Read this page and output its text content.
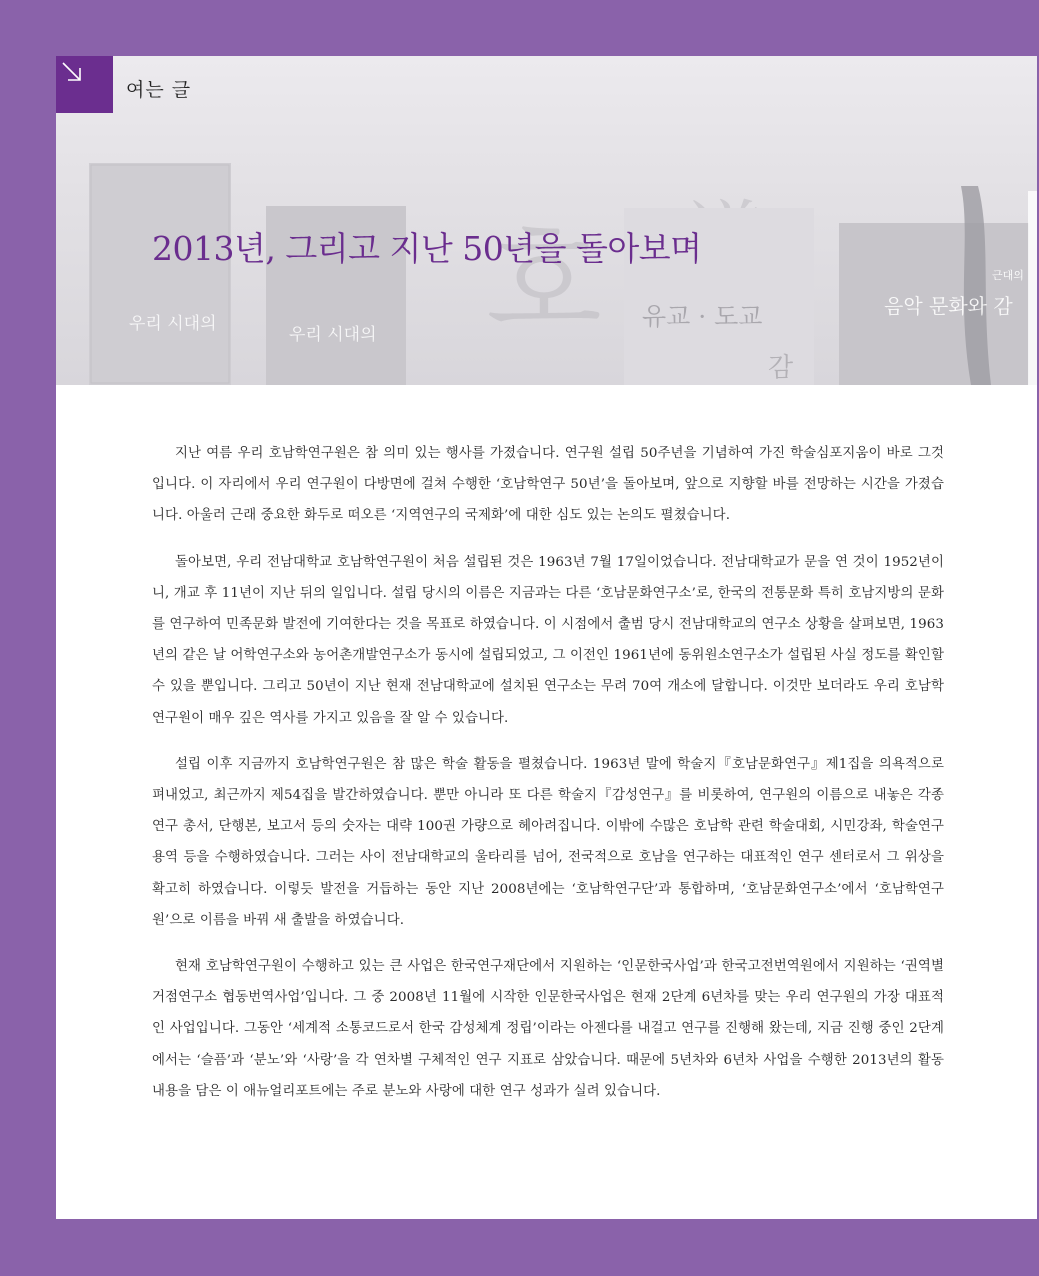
호
우리 시대의
우리 시대의
유교 · 도교
감
근대의
음악 문화와 감
여는 글
2013년, 그리고 지난 50년을 돌아보며

지난 여름 우리 호남학연구원은 참 의미 있는 행사를 가졌습니다. 연구원 설립 50주년을 기념하여 가진 학술심포지움이 바로 그것입니다. 이 자리에서 우리 연구원이 다방면에 걸쳐 수행한 ‘호남학연구 50년’을 돌아보며, 앞으로 지향할 바를 전망하는 시간을 가졌습니다. 아울러 근래 중요한 화두로 떠오른 ‘지역연구의 국제화’에 대한 심도 있는 논의도 펼쳤습니다.

돌아보면, 우리 전남대학교 호남학연구원이 처음 설립된 것은 1963년 7월 17일이었습니다. 전남대학교가 문을 연 것이 1952년이니, 개교 후 11년이 지난 뒤의 일입니다. 설립 당시의 이름은 지금과는 다른 ‘호남문화연구소’로, 한국의 전통문화 특히 호남지방의 문화를 연구하여 민족문화 발전에 기여한다는 것을 목표로 하였습니다. 이 시점에서 출범 당시 전남대학교의 연구소 상황을 살펴보면, 1963년의 같은 날 어학연구소와 농어촌개발연구소가 동시에 설립되었고, 그 이전인 1961년에 동위원소연구소가 설립된 사실 정도를 확인할 수 있을 뿐입니다. 그리고 50년이 지난 현재 전남대학교에 설치된 연구소는 무려 70여 개소에 달합니다. 이것만 보더라도 우리 호남학연구원이 매우 깊은 역사를 가지고 있음을 잘 알 수 있습니다.

설립 이후 지금까지 호남학연구원은 참 많은 학술 활동을 펼쳤습니다. 1963년 말에 학술지『호남문화연구』제1집을 의욕적으로 펴내었고, 최근까지 제54집을 발간하였습니다. 뿐만 아니라 또 다른 학술지『감성연구』를 비롯하여, 연구원의 이름으로 내놓은 각종 연구 총서, 단행본, 보고서 등의 숫자는 대략 100권 가량으로 헤아려집니다. 이밖에 수많은 호남학 관련 학술대회, 시민강좌, 학술연구용역 등을 수행하였습니다. 그러는 사이 전남대학교의 울타리를 넘어, 전국적으로 호남을 연구하는 대표적인 연구 센터로서 그 위상을 확고히 하였습니다. 이렇듯 발전을 거듭하는 동안 지난 2008년에는 ‘호남학연구단’과 통합하며, ‘호남문화연구소’에서 ‘호남학연구원’으로 이름을 바꿔 새 출발을 하였습니다.

현재 호남학연구원이 수행하고 있는 큰 사업은 한국연구재단에서 지원하는 ‘인문한국사업’과 한국고전번역원에서 지원하는 ‘권역별거점연구소 협동번역사업’입니다. 그 중 2008년 11월에 시작한 인문한국사업은 현재 2단계 6년차를 맞는 우리 연구원의 가장 대표적인 사업입니다. 그동안 ‘세계적 소통코드로서 한국 감성체계 정립’이라는 아젠다를 내걸고 연구를 진행해 왔는데, 지금 진행 중인 2단계에서는 ‘슬픔’과 ‘분노’와 ‘사랑’을 각 연차별 구체적인 연구 지표로 삼았습니다. 때문에 5년차와 6년차 사업을 수행한 2013년의 활동 내용을 담은 이 애뉴얼리포트에는 주로 분노와 사랑에 대한 연구 성과가 실려 있습니다.
